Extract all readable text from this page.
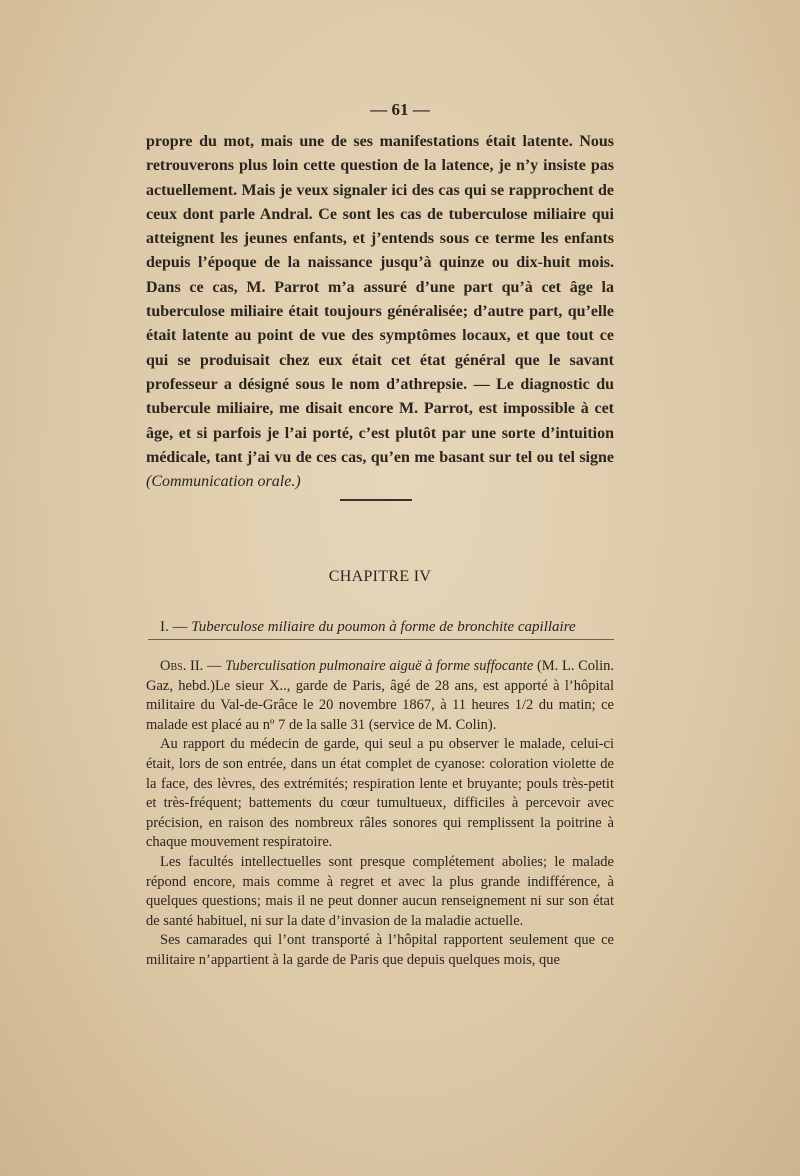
— 61 —

propre du mot, mais une de ses manifestations était latente. Nous retrouverons plus loin cette question de la latence, je n’y insiste pas actuellement. Mais je veux signaler ici des cas qui se rapprochent de ceux dont parle Andral. Ce sont les cas de tuberculose miliaire qui atteignent les jeunes enfants, et j’entends sous ce terme les enfants depuis l’époque de la naissance jusqu’à quinze ou dix-huit mois. Dans ce cas, M. Parrot m’a assuré d’une part qu’à cet âge la tuberculose miliaire était toujours généralisée; d’autre part, qu’elle était latente au point de vue des symptômes locaux, et que tout ce qui se produisait chez eux était cet état général que le savant professeur a désigné sous le nom d’athrepsie. — Le diagnostic du tubercule miliaire, me disait encore M. Parrot, est impossible à cet âge, et si parfois je l’ai porté, c’est plutôt par une sorte d’intuition médicale, tant j’ai vu de ces cas, qu’en me basant sur tel ou tel signe (Communication orale.)

CHAPITRE IV
I. — Tuberculose miliaire du poumon à forme de bronchite capillaire

Obs. II. — Tuberculisation pulmonaire aiguë à forme suffocante (M. L. Colin. Gaz, hebd.)Le sieur X.., garde de Paris, âgé de 28 ans, est apporté à l’hôpital militaire du Val-de-Grâce le 20 novembre 1867, à 11 heures 1/2 du matin; ce malade est placé au nº 7 de la salle 31 (service de M. Colin).

Au rapport du médecin de garde, qui seul a pu observer le malade, celui-ci était, lors de son entrée, dans un état complet de cyanose: coloration violette de la face, des lèvres, des extrémités; respiration lente et bruyante; pouls très-petit et très-fréquent; battements du cœur tumultueux, difficiles à percevoir avec précision, en raison des nombreux râles sonores qui remplissent la poitrine à chaque mouvement respiratoire.

Les facultés intellectuelles sont presque complétement abolies; le malade répond encore, mais comme à regret et avec la plus grande indifférence, à quelques questions; mais il ne peut donner aucun renseignement ni sur son état de santé habituel, ni sur la date d’invasion de la maladie actuelle.

Ses camarades qui l’ont transporté à l’hôpital rapportent seulement que ce militaire n’appartient à la garde de Paris que depuis quelques mois, que
